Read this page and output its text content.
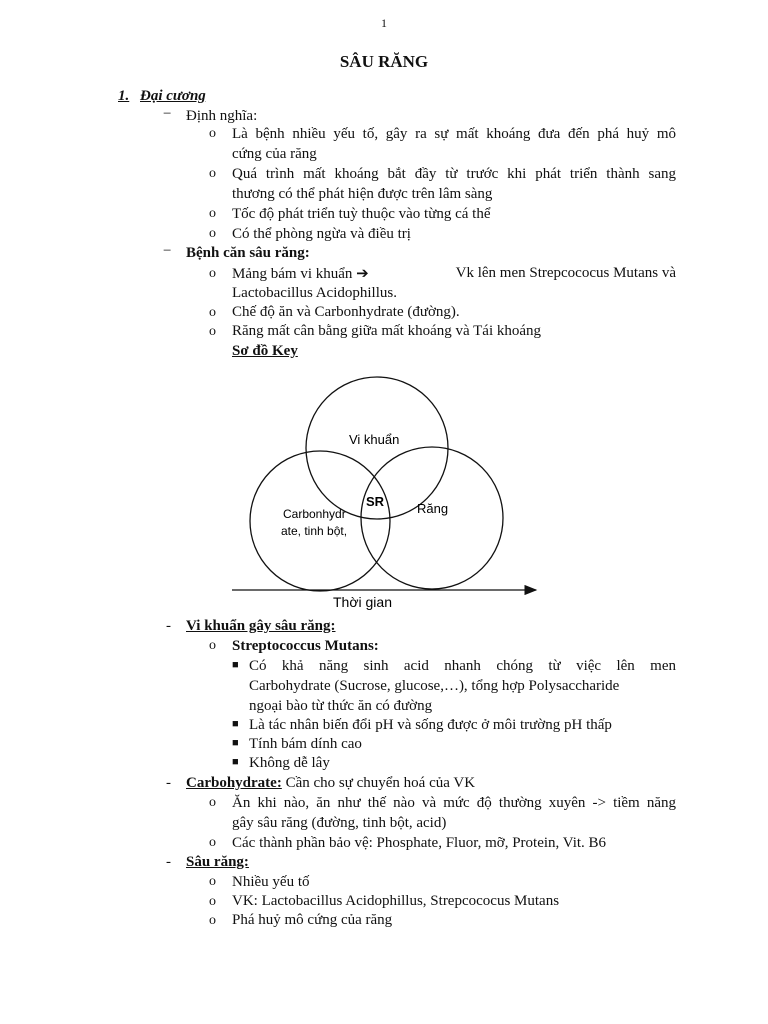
1
SÂU RĂNG
1. Đại cương
− Định nghĩa:
o Là bệnh nhiều yếu tố, gây ra sự mất khoáng đưa đến phá huỷ mô
cứng của răng
o Quá trình mất khoáng bắt đầy từ trước khi phát triển thành sang
thương có thể phát hiện được trên lâm sàng
o Tốc độ phát triển tuỳ thuộc vào từng cá thể
o Có thể phòng ngừa và điều trị
− Bệnh căn sâu răng:
o Mảng bám vi khuẩn ➔	Vk lên men Strepcococus Mutans và
Lactobacillus Acidophillus.
o Chế độ ăn và Carbonhydrate (đường).
o Răng mất cân bằng giữa mất khoáng và Tái khoáng
Sơ đồ Key
Vi khuẩn
Carbonhydr
ate, tinh bột,
Răng
SR
Thời gian
- Vi khuẩn gây sâu răng:
o Streptococcus Mutans:
■ Có khả năng sinh acid nhanh chóng từ việc lên men
Carbohydrate (Sucrose, glucose,…), tổng hợp Polysaccharide
ngoại bào từ thức ăn có đường
■ Là tác nhân biến đổi pH và sống được ở môi trường pH thấp
■ Tính bám dính cao
■ Không dễ lây
- Carbohydrate: Cần cho sự chuyển hoá của VK
o Ăn khi nào, ăn như thế nào và mức độ thường xuyên -> tiềm năng
gây sâu răng (đường, tinh bột, acid)
o Các thành phần bảo vệ: Phosphate, Fluor, mỡ, Protein, Vit. B6
- Sâu răng:
o Nhiều yếu tố
o VK: Lactobacillus Acidophillus, Strepcococus Mutans
o Phá huỷ mô cứng của răng
